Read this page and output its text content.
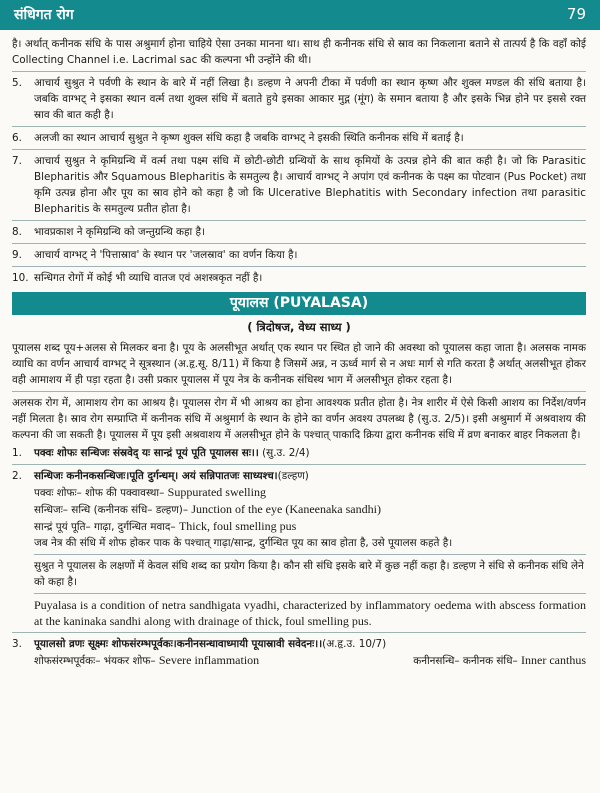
संधिगत रोग	79

है। अर्थात् कनीनक संधि के पास अश्रुमार्ग होना चाहिये ऐसा उनका मानना था। साथ ही कनीनक संधि से स्राव का निकलाना बताने से तात्पर्य है कि वहाँ कोई Collecting Channel i.e. Lacrimal sac की कल्पना भी उन्होंने की थी।

5.	आचार्य सुश्रुत ने पर्वणी के स्थान के बारे में नहीं लिखा है। डल्हण ने अपनी टीका में पर्वणी का स्थान कृष्ण और शुक्ल मण्डल की संधि बताया है। जबकि वाग्भट् ने इसका स्थान वर्त्म तथा शुक्ल संधि में बताते हुये इसका आकार मुद्ग (मूंग) के समान बताया है और इसके भिन्न होने पर इससे रक्त स्राव की बात कही है।
6.	अलजी का स्थान आचार्य सुश्रुत ने कृष्ण शुक्ल संधि कहा है जबकि वाग्भट् ने इसकी स्थिति कनीनक संधि में बताई है।
7.	आचार्य सुश्रुत ने कृमिग्रन्थि में वर्त्म तथा पक्ष्म संधि में छोटी-छोटी ग्रन्थियों के साथ कृमियों के उत्पन्न होने की बात कही है। जो कि Parasitic Blepharitis और Squamous Blepharitis के समतुल्य है। आचार्य वाग्भट् ने अपांग एवं कनीनक के पक्ष्म का पोटवान (Pus Pocket) तथा कृमि उत्पन्न होना और पूय का स्राव होने को कहा है जो कि Ulcerative Blephatitis with Secondary infection तथा parasitic Blepharitis के समतुल्य प्रतीत होता है।
8.	भावप्रकाश ने कृमिग्रन्थि को जन्तुग्रन्थि कहा है।
9.	आचार्य वाग्भट् ने 'पित्तास्राव' के स्थान पर 'जलस्राव' का वर्णन किया है।
10. सन्धिगत रोगों में कोई भी व्याधि वातज एवं अशस्त्रकृत नहीं है।
पूयालस (PUYALASA)
( त्रिदोषज, वेध्य साध्य )

पूयालस शब्द पूय+अलस से मिलकर बना है। पूय के अलसीभूत अर्थात् एक स्थान पर स्थित हो जाने की अवस्था को पूयालस कहा जाता है। अलसक नामक व्याधि का वर्णन आचार्य वाग्भट् ने सूत्रस्थान (अ.हृ.सू. 8/11) में किया है जिसमें अन्न, न ऊर्ध्व मार्ग से न अधः मार्ग से गति करता है अर्थात् अलसीभूत होकर वही आमाशय में ही पड़ा रहता है। उसी प्रकार पूयालस में पूय नेत्र के कनीनक संधिस्थ भाग में अलसीभूत होकर रहता है।

अलसक रोग में, आमाशय रोग का आश्रय है। पूयालस रोग में भी आश्रय का होना आवश्यक प्रतीत होता है। नेत्र शारीर में ऐसे किसी आशय का निर्देश/वर्णन नहीं मिलता है। स्राव रोग सम्प्राप्ति में कनीनक संधि में अश्रुमार्ग के स्थान के होने का वर्णन अवश्य उपलब्ध है (सु.उ. 2/5)। इसी अश्रुमार्ग में अश्रवाशय की कल्पना की जा सकती है। पूयालस में पूय इसी अश्रवाशय में अलसीभूत होने के पश्चात् पाकादि क्रिया द्वारा कनीनक संधि में व्रण बनाकर बाहर निकलता है।

1.	पक्वः शोफः सन्धिजः संस्रवेद् यः सान्द्रं पूयं पूति पूयालस सः।। (सु.उ. 2/4)
2.	सन्धिजः कनीनकसन्धिजः।पूति दुर्गन्धम्। अयं सन्निपातजः साध्यश्च।(डल्हण)

पक्वः शोफः– शोफ की पक्वावस्था– Suppurated swelling

सन्धिजः– सन्धि (कनीनक संधि– डल्हण)– Junction of the eye (Kaneenaka sandhi)

सान्द्रं पूयं पूति– गाढ़ा, दुर्गन्धित मवाद– Thick, foul smelling pus

जब नेत्र की संधि में शोफ होकर पाक के पश्चात् गाढ़ा/सान्द्र, दुर्गन्धित पूय का स्राव होता है, उसे पूयालस कहते है।

सुश्रुत ने पूयालस के लक्षणों में केवल संधि शब्द का प्रयोग किया है। कौन सी संधि इसके बारे में कुछ नहीं कहा है। डल्हण ने संधि से कनीनक संधि लेने को कहा है।

Puyalasa is a condition of netra sandhigata vyadhi, characterized by inflammatory oedema with abscess formation at the kaninaka sandhi along with drainage of thick, foul smelling pus.

3.	पूयालसो व्रणः सूक्ष्मः शोफसंरम्भपूर्वकः।कनीनसन्धावाध्मायी पूयास्रावी सवेदनः।।(अ.हृ.उ. 10/7)
शोफसंरम्भपूर्वकः– भंयकर शोफ– Severe inflammation	कनीनसन्धि– कनीनक संधि– Inner canthus
